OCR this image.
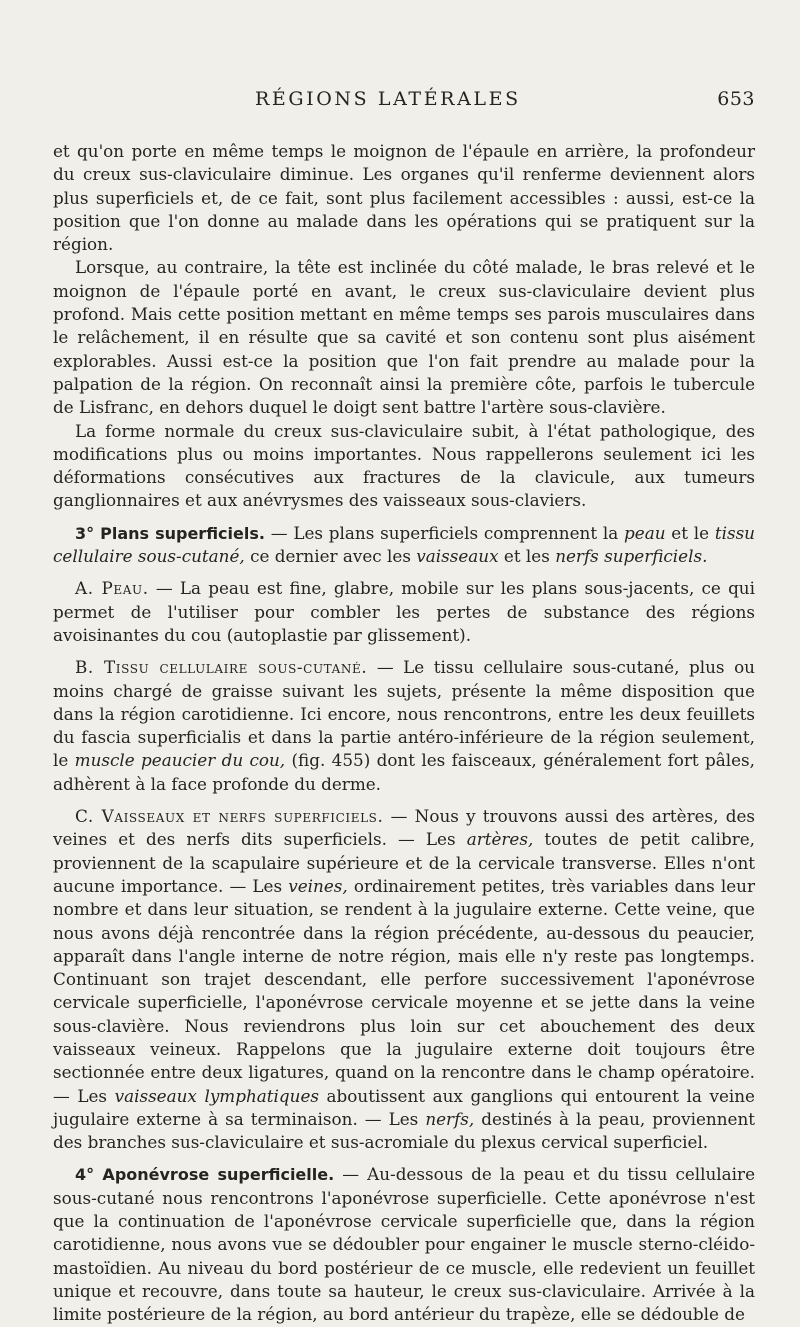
RÉGIONS LATÉRALES	653

et qu'on porte en même temps le moignon de l'épaule en arrière, la profondeur du creux sus-claviculaire diminue. Les organes qu'il renferme deviennent alors plus superficiels et, de ce fait, sont plus facilement accessibles : aussi, est-ce la position que l'on donne au malade dans les opérations qui se pratiquent sur la région.

Lorsque, au contraire, la tête est inclinée du côté malade, le bras relevé et le moignon de l'épaule porté en avant, le creux sus-claviculaire devient plus profond. Mais cette position mettant en même temps ses parois musculaires dans le relâchement, il en résulte que sa cavité et son contenu sont plus aisément explorables. Aussi est-ce la position que l'on fait prendre au malade pour la palpation de la région. On reconnaît ainsi la première côte, parfois le tubercule de Lisfranc, en dehors duquel le doigt sent battre l'artère sous-clavière.

La forme normale du creux sus-claviculaire subit, à l'état pathologique, des modifications plus ou moins importantes. Nous rappellerons seulement ici les déformations consécutives aux fractures de la clavicule, aux tumeurs ganglionnaires et aux anévrysmes des vaisseaux sous-claviers.

3° Plans superficiels. — Les plans superficiels comprennent la peau et le tissu cellulaire sous-cutané, ce dernier avec les vaisseaux et les nerfs superficiels.

A. Peau. — La peau est fine, glabre, mobile sur les plans sous-jacents, ce qui permet de l'utiliser pour combler les pertes de substance des régions avoisinantes du cou (autoplastie par glissement).

B. Tissu cellulaire sous-cutané. — Le tissu cellulaire sous-cutané, plus ou moins chargé de graisse suivant les sujets, présente la même disposition que dans la région carotidienne. Ici encore, nous rencontrons, entre les deux feuillets du fascia superficialis et dans la partie antéro-inférieure de la région seulement, le muscle peaucier du cou, (fig. 455) dont les faisceaux, généralement fort pâles, adhèrent à la face profonde du derme.

C. Vaisseaux et nerfs superficiels. — Nous y trouvons aussi des artères, des veines et des nerfs dits superficiels. — Les artères, toutes de petit calibre, proviennent de la scapulaire supérieure et de la cervicale transverse. Elles n'ont aucune importance. — Les veines, ordinairement petites, très variables dans leur nombre et dans leur situation, se rendent à la jugulaire externe. Cette veine, que nous avons déjà rencontrée dans la région précédente, au-dessous du peaucier, apparaît dans l'angle interne de notre région, mais elle n'y reste pas longtemps. Continuant son trajet descendant, elle perfore successivement l'aponévrose cervicale superficielle, l'aponévrose cervicale moyenne et se jette dans la veine sous-clavière. Nous reviendrons plus loin sur cet abouchement des deux vaisseaux veineux. Rappelons que la jugulaire externe doit toujours être sectionnée entre deux ligatures, quand on la rencontre dans le champ opératoire. — Les vaisseaux lymphatiques aboutissent aux ganglions qui entourent la veine jugulaire externe à sa terminaison. — Les nerfs, destinés à la peau, proviennent des branches sus-claviculaire et sus-acromiale du plexus cervical superficiel.

4° Aponévrose superficielle. — Au-dessous de la peau et du tissu cellulaire sous-cutané nous rencontrons l'aponévrose superficielle. Cette aponévrose n'est que la continuation de l'aponévrose cervicale superficielle que, dans la région carotidienne, nous avons vue se dédoubler pour engainer le muscle sterno-cléido-mastoïdien. Au niveau du bord postérieur de ce muscle, elle redevient un feuillet unique et recouvre, dans toute sa hauteur, le creux sus-claviculaire. Arrivée à la limite postérieure de la région, au bord antérieur du trapèze, elle se dédouble de
